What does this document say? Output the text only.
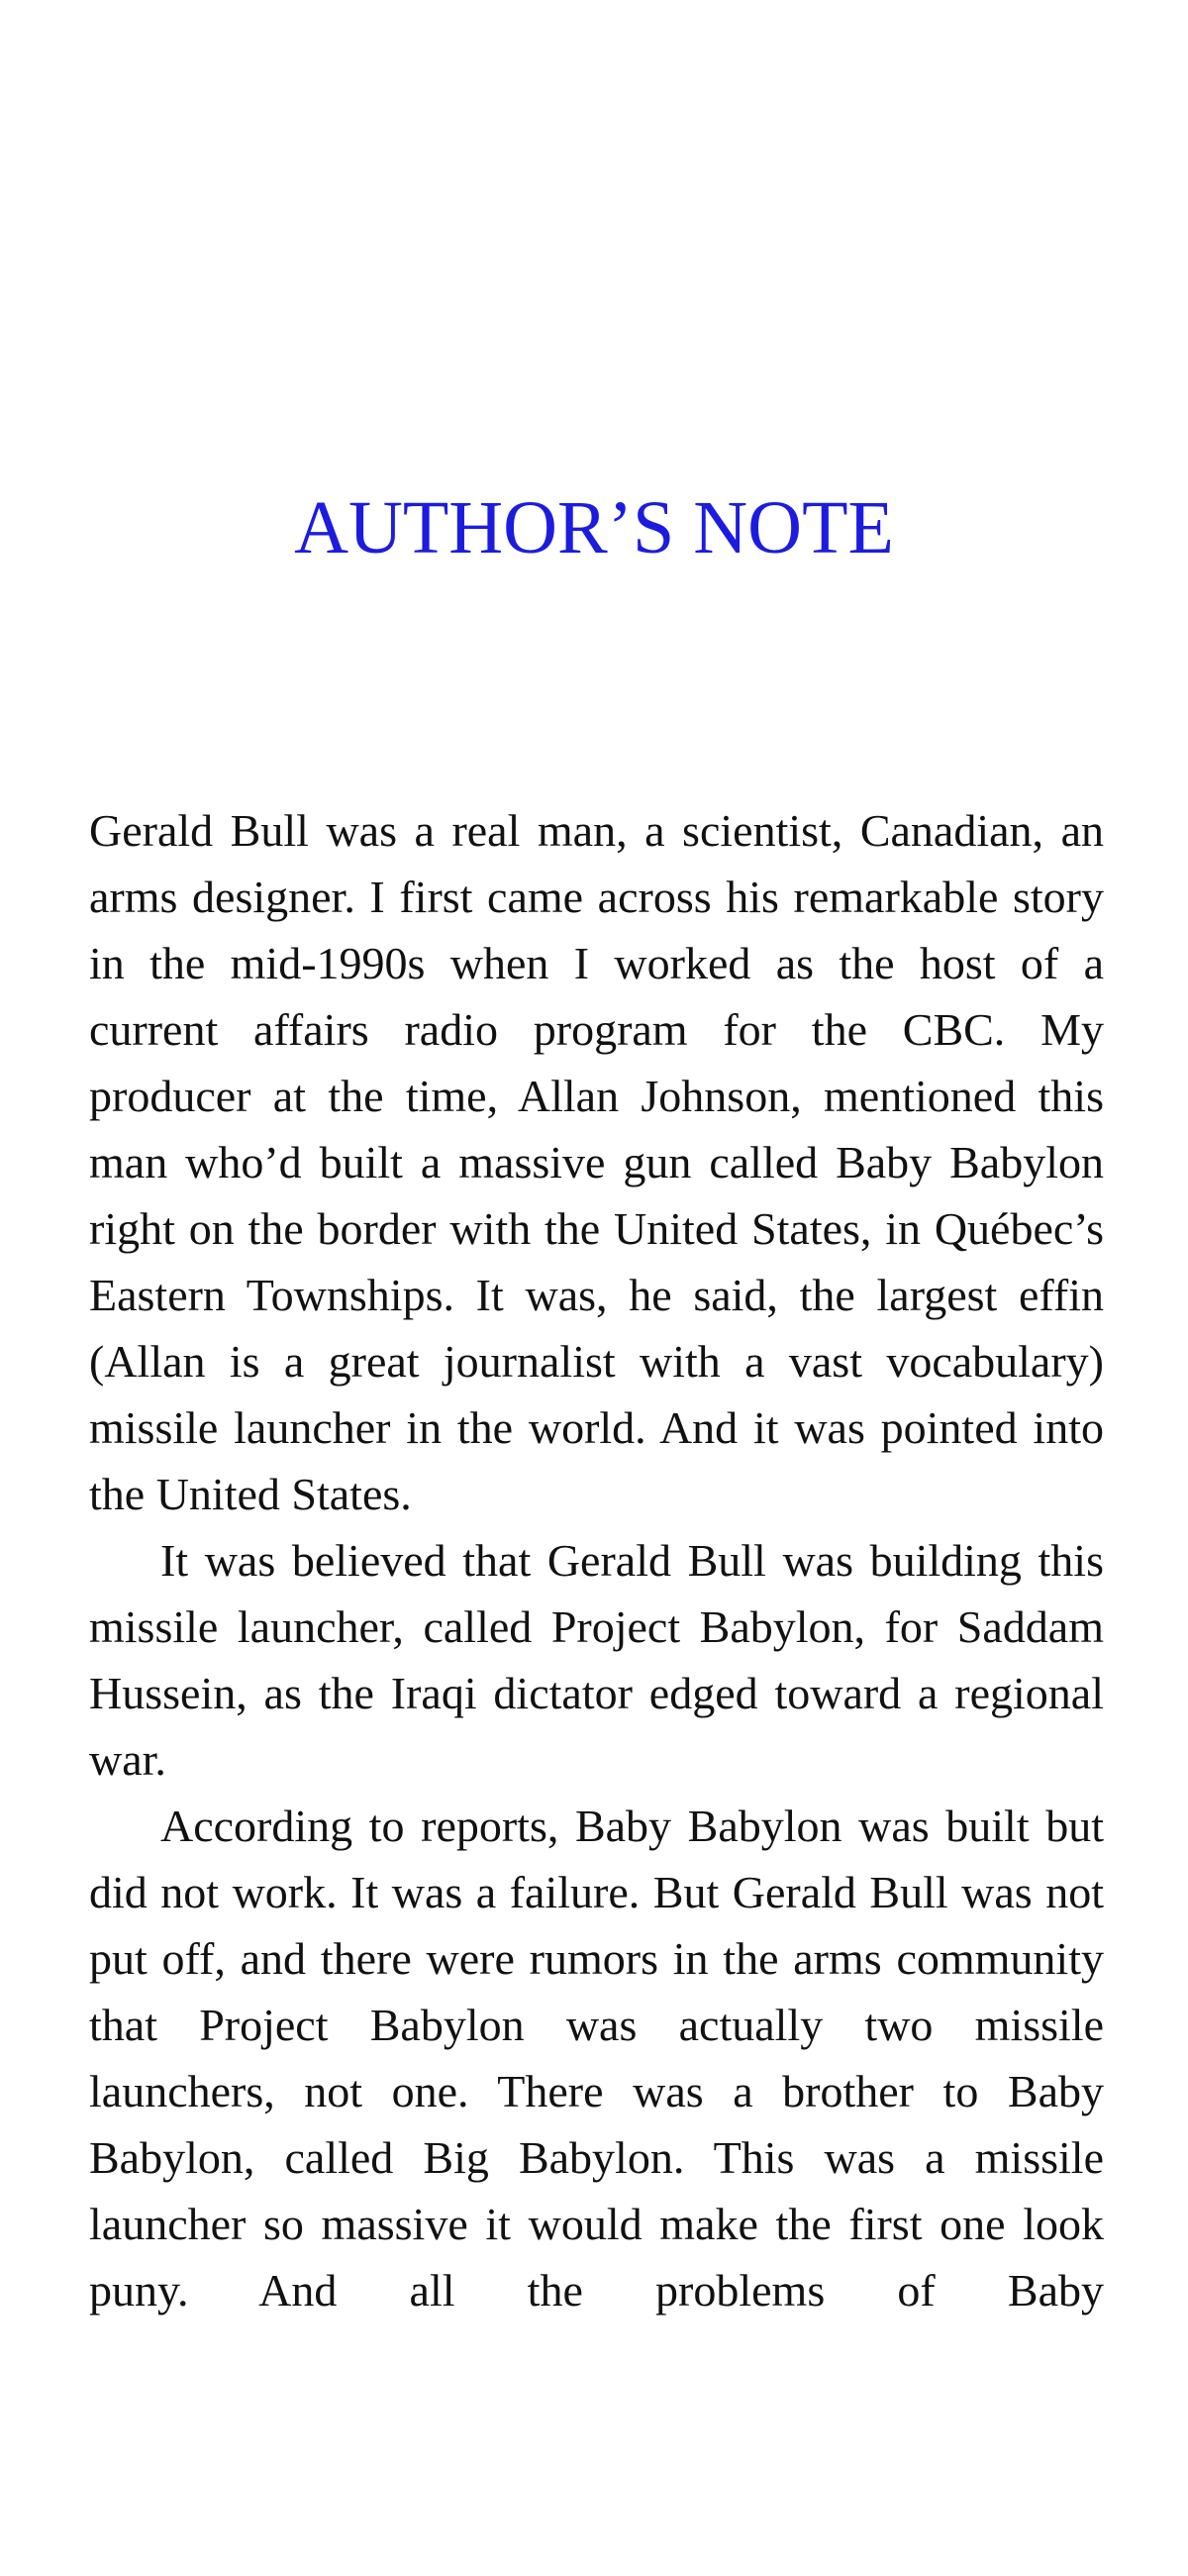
AUTHOR’S NOTE

Gerald Bull was a real man, a scientist, Canadian, an arms designer. I first came across his remarkable story in the mid-1990s when I worked as the host of a current affairs radio program for the CBC. My producer at the time, Allan Johnson, mentioned this man who’d built a massive gun called Baby Babylon right on the border with the United States, in Québec’s Eastern Townships. It was, he said, the largest effin (Allan is a great journalist with a vast vocabulary) missile launcher in the world. And it was pointed into the United States.

It was believed that Gerald Bull was building this missile launcher, called Project Babylon, for Saddam Hussein, as the Iraqi dictator edged toward a regional war.

According to reports, Baby Babylon was built but did not work. It was a failure. But Gerald Bull was not put off, and there were rumors in the arms community that Project Babylon was actually two missile launchers, not one. There was a brother to Baby Babylon, called Big Babylon. This was a missile launcher so massive it would make the first one look puny. And all the problems of Baby
